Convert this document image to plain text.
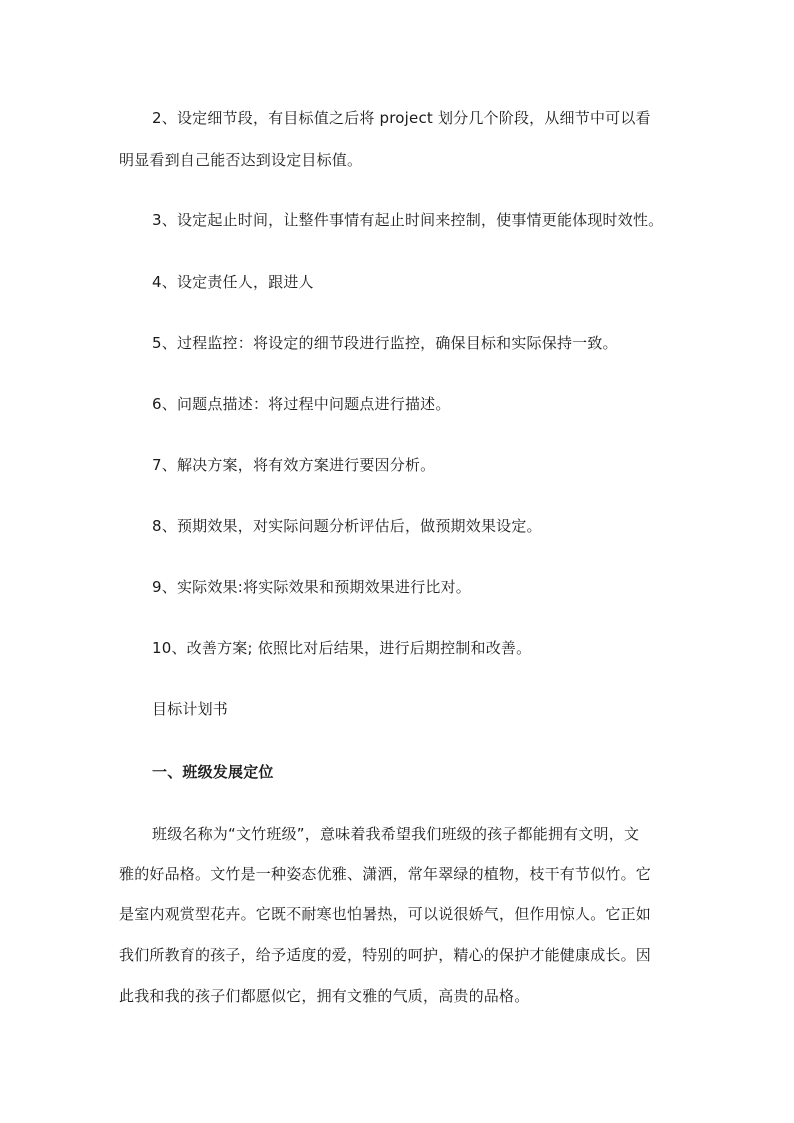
2、设定细节段，有目标值之后将 project 划分几个阶段，从细节中可以看
明显看到自己能否达到设定目标值。
3、设定起止时间，让整件事情有起止时间来控制，使事情更能体现时效性。
4、设定责任人，跟进人
5、过程监控：将设定的细节段进行监控，确保目标和实际保持一致。
6、问题点描述：将过程中问题点进行描述。
7、解决方案，将有效方案进行要因分析。
8、预期效果，对实际问题分析评估后，做预期效果设定。
9、实际效果:将实际效果和预期效果进行比对。
10、改善方案; 依照比对后结果，进行后期控制和改善。
目标计划书
一、班级发展定位
班级名称为“文竹班级”，意味着我希望我们班级的孩子都能拥有文明，文
雅的好品格。文竹是一种姿态优雅、潇洒，常年翠绿的植物，枝干有节似竹。它
是室内观赏型花卉。它既不耐寒也怕暑热，可以说很娇气，但作用惊人。它正如
我们所教育的孩子，给予适度的爱，特别的呵护，精心的保护才能健康成长。因
此我和我的孩子们都愿似它，拥有文雅的气质，高贵的品格。
